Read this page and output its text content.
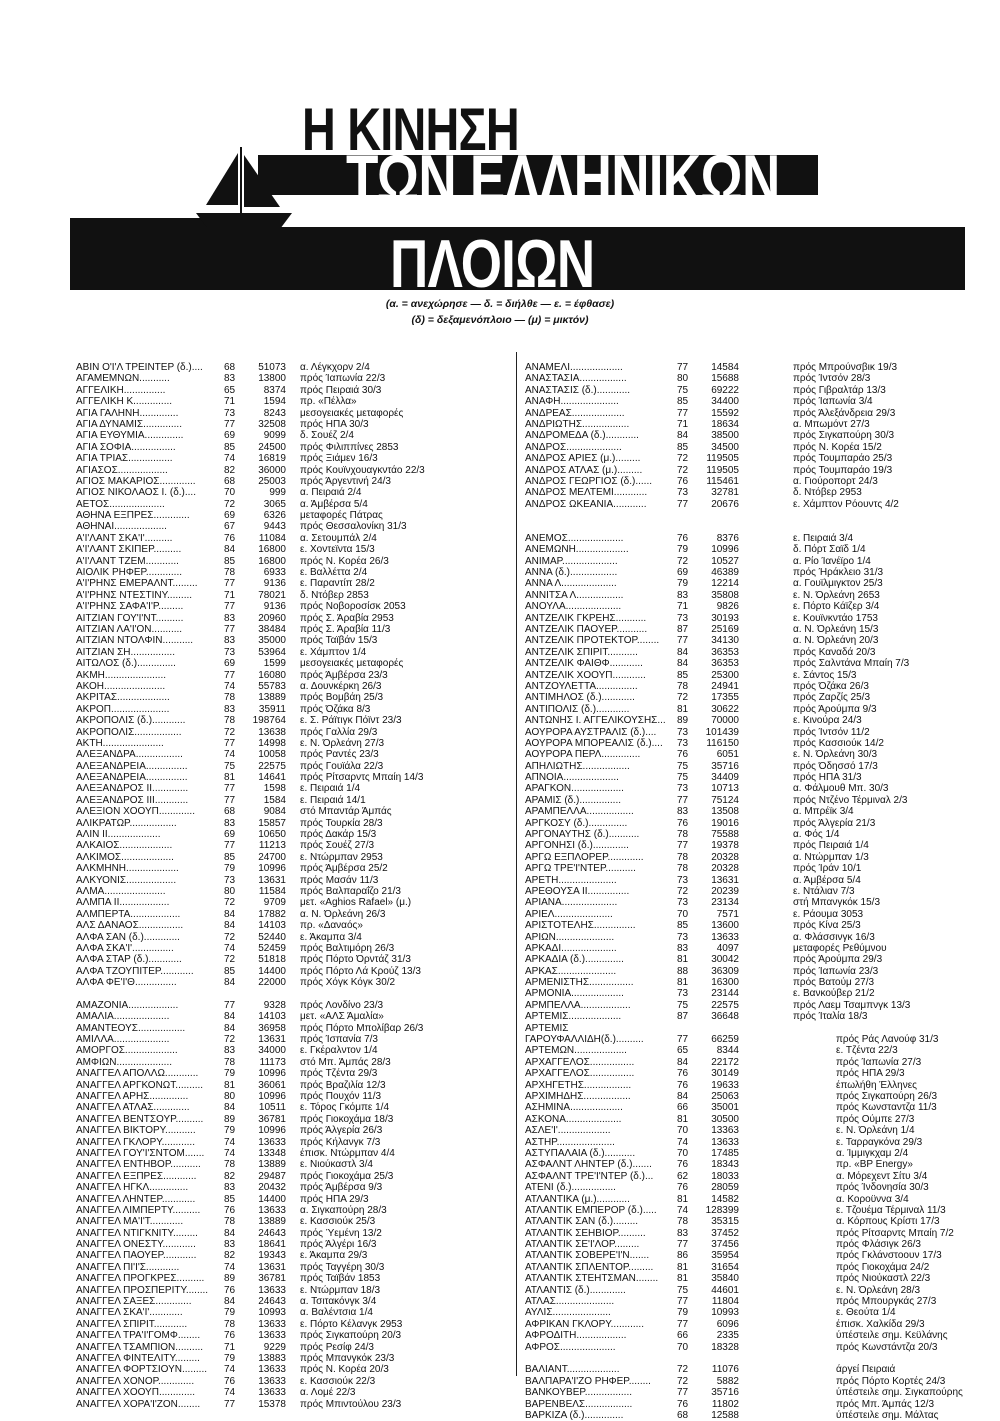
Η ΚΙΝΗΣΗ
ΤΩΝ ΕΛΛΗΝΙΚΩΝ
ΠΛΟΙΩΝ
(α. = ανεχώρησε — δ. = διήλθε — ε. = έφθασε)
(δ) = δεξαμενόπλοιο — (μ) = μικτόν)
ΑΒΙΝ Ο'Ι'Λ ΤΡΕΙΝΤΕΡ (δ.)....	68	51073	α. Λέγκχορν 2/4
ΑΓΑΜΕΜΝΩΝ...........	83	13800	πρός Ίαπωνία 22/3
ΑΓΓΕΛΙΚΗ...............	65	8374	πρός Πειραιά 30/3
ΑΓΓΕΛΙΚΗ Κ..............	71	1594	πρ. «Πέλλα»
ΑΓΙΑ ΓΑΛΗΝΗ..............	73	8243	μεσογειακές μεταφορές
ΑΓΙΑ ΔΥΝΑΜΙΣ..............	77	32508	πρός ΗΠΑ 30/3
ΑΓΙΑ ΕΥΘΥΜΙΑ..............	69	9099	δ. Σουέζ 2/4
ΑΓΙΑ ΣΟΦΙΑ................	85	24500	πρός Φιλιππίνες 2853
ΑΓΙΑ ΤΡΙΑΣ................	74	16819	πρός Ξιάμεν 16/3
ΑΓΙΑΣΟΣ..................	82	36000	πρός Κουϊνχουαγκντάο 22/3
ΑΓΙΟΣ ΜΑΚΑΡΙΟΣ.............	68	25003	πρός Άργεντινή 24/3
ΑΓΙΟΣ ΝΙΚΟΛΑΟΣ Ι. (δ.)....	70	999	α. Πειραιά 2/4
ΑΕΤΟΣ....................	72	3065	α. Άμβέρσα 5/4
ΑΘΗΝΑ ΕΞΠΡΕΣ.............	69	6326	μεταφορές Πάτρας
ΑΘΗΝΑΙ...................	67	9443	πρός Θεσσαλονίκη 31/3
Α'Ι'ΛΑΝΤ ΣΚΑ'Ι'..........	76	11084	α. Σετουμπάλ 2/4
Α'Ι'ΛΑΝΤ ΣΚΙΠΕΡ..........	84	16800	ε. Χοντεϊντα 15/3
Α'Ι'ΛΑΝΤ ΤΖΕΜ............	85	16800	πρός Ν. Κορέα 26/3
ΑΙΟΛΙΚ ΡΗΦΕΡ.............	78	6933	ε. Βαλλέττα 2/4
Α'Ι'ΡΗΝΣ ΕΜΕΡΑΛΝΤ.........	77	9136	ε. Παραντίπ 28/2
Α'Ι'ΡΗΝΣ ΝΤΕΣΤΙΝΥ.........	71	78021	δ. Ντόβερ 2853
Α'Ι'ΡΗΝΣ ΣΑΦΑ'Ι'Ρ.........	77	9136	πρός Νοβοροσίσκ 2053
ΑΙΤΖΙΑΝ ΓΟΥ'Ι'ΝΤ..........	83	20960	πρός Σ. Άραβία 2953
ΑΙΤΖΙΑΝ ΛΑ'Ι'ΟΝ...........	77	38484	πρός Σ. Άραβία 11/3
ΑΙΤΖΙΑΝ ΝΤΟΛΦΙΝ...........	83	35000	πρός Ταϊβάν 15/3
ΑΙΤΖΙΑΝ ΣΗ................	73	53964	ε. Χάμπτον 1/4
ΑΙΤΩΛΟΣ (δ.)..............	69	1599	μεσογειακές μεταφορές
ΑΚΜΗ......................	77	16080	πρός Άμβέρσα 23/3
ΑΚΟΗ......................	74	55783	α. Δουνκέρκη 26/3
ΑΚΡΙΤΑΣ...................	78	13889	πρός Βομβάη 25/3
ΑΚΡΟΠ.....................	83	35911	πρός Όζάκα 8/3
ΑΚΡΟΠΟΛΙΣ (δ.)............	78	198764	ε. Σ. Ράϊτιγκ Πόϊντ 23/3
ΑΚΡΟΠΟΛΙΣ.................	72	13638	πρός Γαλλία 29/3
ΑΚΤΗ......................	77	14998	ε. Ν. Όρλεάνη 27/3
ΑΛΕΞΑΝΔΡΑ.................	74	10058	πρός Ραντές 23/3
ΑΛΕΞΑΝΔΡΕΙΑ...............	75	22575	πρός Γουϊάλα 22/3
ΑΛΕΞΑΝΔΡΕΙΑ...............	81	14641	πρός Ρίτσαρντς Μπαίη 14/3
ΑΛΕΞΑΝΔΡΟΣ ΙΙ.............	77	1598	ε. Πειραιά 1/4
ΑΛΕΞΑΝΔΡΟΣ ΙΙΙ............	77	1584	ε. Πειραιά 14/1
ΑΛΕΞΙΟΝ ΧΟΟΥΠ.............	68	9084	στό Μπαντάρ Άμπάς
ΑΛΙΚΡΑΤΩΡ.................	83	15857	πρός Τουρκία 28/3
ΑΛΙΝ ΙΙ...................	69	10650	πρός Δακάρ 15/3
ΑΛΚΑΙΟΣ...................	77	11213	πρός Σουέζ 27/3
ΑΛΚΙΜΟΣ...................	85	24700	ε. Ντώρμπαν 2953
ΑΛΚΜΗΝΗ...................	79	10996	πρός Άμβέρσα 25/2
ΑΛΚΥΟΝΙΣ..................	73	13631	πρός Μασάν 11/3
ΑΛΜΑ......................	80	11584	πρός Βαλπαραΐζο 21/3
ΑΛΜΠΑ ΙΙ..................	72	9709	μετ. «Aghios Rafael» (μ.)
ΑΛΜΠΕΡΤΑ..................	84	17882	α. Ν. Όρλεάνη 26/3
ΑΛΣ ΔΑΝΑΟΣ................	84	14103	πρ. «Δαναός»
ΑΛΦΑ ΣΑΝ (δ.).............	72	52440	ε. Άκαμπα 3/4
ΑΛΦΑ ΣΚΑ'Ι'...............	74	52459	πρός Βαλτιμόρη 26/3
ΑΛΦΑ ΣΤΑΡ (δ.)............	72	51818	πρός Πόρτο Όρντάζ 31/3
ΑΛΦΑ ΤΖΟΥΠΙΤΕΡ............	85	14400	πρός Πόρτο Λά Κρούζ 13/3
ΑΛΦΑ ΦΕ'Ι'Θ...............	84	22000	πρός Χόγκ Κόγκ 30/2
ΑΜΑΖΟΝΙΑ..................	77	9328	πρός Λονδίνο 23/3
ΑΜΑΛΙΑ....................	84	14103	μετ. «ΑΛΣ Άμαλία»
ΑΜΑΝΤΕΟΥΣ.................	84	36958	πρός Πόρτο Μπολίβαρ 26/3
ΑΜΙΛΛΑ....................	72	13631	πρός Ίσπανία 7/3
ΑΜΟΡΓΟΣ...................	83	34000	ε. Γκέραλντον 1/4
ΑΜΦΙΩΝ....................	78	11173	στό Μπ. Άμπάς 28/3
ΑΝΑΓΓΕΛ ΑΠΟΛΛΩ............	79	10996	πρός Τζέντα 29/3
ΑΝΑΓΓΕΛ ΑΡΓΚΟΝΩΤ..........	81	36061	πρός Βραζιλία 12/3
ΑΝΑΓΓΕΛ ΑΡΗΣ..............	80	10996	πρός Πουχόν 11/3
ΑΝΑΓΓΕΛ ΑΤΛΑΣ.............	84	10511	ε. Τόρος Γκόμπε 1/4
ΑΝΑΓΓΕΛ ΒΕΝΤΣΟΥΡ..........	89	36781	πρός Γιοκοχάμα 18/3
ΑΝΑΓΓΕΛ ΒΙΚΤΟΡΥ...........	79	10996	πρός Άλγερία 26/3
ΑΝΑΓΓΕΛ ΓΚΛΟΡΥ............	74	13633	πρός Κήλανγκ 7/3
ΑΝΑΓΓΕΛ ΓΟΥ'Ι'ΣΝΤΟΜ.......	74	13348	έπισκ. Ντώρμπαν 4/4
ΑΝΑΓΓΕΛ ΕΝΤΗΒΟΡ...........	78	13889	ε. Νιούκαστλ 3/4
ΑΝΑΓΓΕΛ ΕΞΠΡΕΣ............	82	29487	πρός Γιοκοχάμα 25/3
ΑΝΑΓΓΕΛ ΗΓΚΛ..............	83	20432	πρός Άμβέρσα 9/3
ΑΝΑΓΓΕΛ ΛΗΝΤΕΡ............	85	14400	πρός ΗΠΑ 29/3
ΑΝΑΓΓΕΛ ΛΙΜΠΕΡΤΥ..........	76	13633	α. Σιγκαπούρη 28/3
ΑΝΑΓΓΕΛ ΜΑ'Ι'Τ............	78	13889	ε. Κασσιούκ 25/3
ΑΝΑΓΓΕΛ ΝΤΙΓΚΝΙΤΥ.........	84	24643	πρός Ύεμένη 13/2
ΑΝΑΓΓΕΛ ΟΝΕΣΤΥ............	83	18641	πρός Άλγέρι 16/3
ΑΝΑΓΓΕΛ ΠΑΟΥΕΡ............	82	19343	ε. Άκαμπα 29/3
ΑΝΑΓΓΕΛ ΠΙ'Ι'Σ............	74	13631	πρός Ταγγέρη 30/3
ΑΝΑΓΓΕΛ ΠΡΟΓΚΡΕΣ..........	89	36781	πρός Ταϊβάν 1853
ΑΝΑΓΓΕΛ ΠΡΟΣΠΕΡΙΤΥ........	76	13633	ε. Ντώρμπαν 18/3
ΑΝΑΓΓΕΛ ΣΑΞΕΣ.............	84	24643	α. Τσιτακόνγκ 3/4
ΑΝΑΓΓΕΛ ΣΚΑ'Ι'............	79	10993	α. Βαλέντσια 1/4
ΑΝΑΓΓΕΛ ΣΠΙΡΙΤ............	78	13633	ε. Πόρτο Κέλανγκ 2953
ΑΝΑΓΓΕΛ ΤΡΑ'Ι'ΓΟΜΦ........	76	13633	πρός Σιγκαπούρη 20/3
ΑΝΑΓΓΕΛ ΤΣΑΜΠΙΟΝ..........	71	9229	πρός Ρεσίφ 24/3
ΑΝΑΓΓΕΛ ΦΙΝΤΕΛΙΤΥ.........	79	13883	πρός Μπανγκόκ 23/3
ΑΝΑΓΓΕΛ ΦΟΡΤΣΙΟΥΝ.........	74	13633	πρός Ν. Κορέα 20/3
ΑΝΑΓΓΕΛ ΧΟΝΟΡ.............	76	13633	ε. Κασσιούκ 22/3
ΑΝΑΓΓΕΛ ΧΟΟΥΠ.............	74	13633	α. Λομέ 22/3
ΑΝΑΓΓΕΛ ΧΟΡΑ'Ι'ΖΟΝ........	77	15378	πρός Μπιντούλου 23/3
ΑΝΑΜΕΛΙ...................	77	14584	πρός Μπρούνσβικ 19/3
ΑΝΑΣΤΑΣΙΑ.................	80	15688	πρός Ίντσόν 28/3
ΑΝΑΣΤΑΣΙΣ (δ.)............	75	69222	πρός Γιβραλτάρ 13/3
ΑΝΑΦΗ.....................	85	34400	πρός Ίαπωνία 3/4
ΑΝΔΡΕΑΣ...................	77	15592	πρός Άλεξάνδρεια 29/3
ΑΝΔΡΙΩΤΗΣ.................	71	18634	α. Μπωμόντ 27/3
ΑΝΔΡΟΜΕΔΑ (δ.)............	84	38500	πρός Σιγκαπούρη 30/3
ΑΝΔΡΟΣ....................	85	34500	πρός Ν. Κορέα 15/2
ΑΝΔΡΟΣ ΑΡΙΕΣ (μ.).........	72	119505	πρός Τουμπαράο 25/3
ΑΝΔΡΟΣ ΑΤΛΑΣ (μ.).........	72	119505	πρός Τουμπαράο 19/3
ΑΝΔΡΟΣ ΓΕΩΡΓΙΟΣ (δ.)......	76	115461	α. Γιούροπορτ 24/3
ΑΝΔΡΟΣ ΜΕΛΤΕΜΙ............	73	32781	δ. Ντόβερ 2953
ΑΝΔΡΟΣ ΩΚΕΑΝΙΑ............	77	20676	ε. Χάμπτον Ρόουντς 4/2
ΑΝΕΜΟΣ....................	76	8376	ε. Πειραιά 3/4
ΑΝΕΜΩΝΗ...................	79	10996	δ. Πόρτ Σαϊδ 1/4
ΑΝΙΜΑΡ....................	72	10527	α. Ρίο Ίανέϊρο 1/4
ΑΝΝΑ (δ.).................	69	46389	πρός Ήράκλειο 31/3
ΑΝΝΑ Λ....................	79	12214	α. Γουϊλμιγκτον 25/3
ΑΝΝΙΤΣΑ Λ.................	83	35808	ε. Ν. Όρλεάνη 2653
ΑΝΟΥΛΑ....................	71	9826	ε. Πόρτο Κάϊζερ 3/4
ΑΝΤΖΕΛΙΚ ΓΚΡΕΗΣ...........	73	30193	ε. Κουϊνκντάο 1753
ΑΝΤΖΕΛΙΚ ΠΑΟΥΕΡ...........	87	25169	α. Ν. Όρλεάνη 15/3
ΑΝΤΖΕΛΙΚ ΠΡΟΤΕΚΤΟΡ........	77	34130	α. Ν. Όρλεάνη 20/3
ΑΝΤΖΕΛΙΚ ΣΠΙΡΙΤ...........	84	36353	πρός Καναδά 20/3
ΑΝΤΖΕΛΙΚ ΦΑΙΘΦ............	84	36353	πρός Σαλντάνα Μπαίη 7/3
ΑΝΤΖΕΛΙΚ ΧΟΟΥΠ............	85	25300	ε. Σάντος 15/3
ΑΝΤΖΟΥΛΕΤΤΑ...............	78	24941	πρός Όζάκα 26/3
ΑΝΤΙΜΗΛΟΣ (δ.)............	72	17355	πρός Ζαρζίς 25/3
ΑΝΤΙΠΟΛΙΣ (δ.)............	81	30622	πρός Άρούμπα 9/3
ΑΝΤΩΝΗΣ Ι. ΑΓΓΕΛΙΚΟΥΣΗΣ...	89	70000	ε. Κινούρα 24/3
ΑΟΥΡΟΡΑ ΑΥΣΤΡΑΛΙΣ (δ.)....	73	101439	πρός Ίντσόν 11/2
ΑΟΥΡΟΡΑ ΜΠΟΡΕΑΛΙΣ (δ.)....	73	116150	πρός Κασσιούκ 14/2
ΑΟΥΡΟΡΑ ΠΕΡΛ..............	76	6051	ε. Ν. Όρλεάνη 30/3
ΑΠΗΛΙΩΤΗΣ.................	75	35716	πρός Όδησσό 17/3
ΑΠΝΟΙΑ....................	75	34409	πρός ΗΠΑ 31/3
ΑΡΑΓΚΟΝ...................	73	10713	α. Φάλμουθ Μπ. 30/3
ΑΡΑΜΙΣ (δ.)...............	77	75124	πρός Ντζένο Τέρμιναλ 2/3
ΑΡΑΜΠΕΛΛΑ.................	83	13508	α. Μπρέϊκ 3/4
ΑΡΓΚΟΣΥ (δ.)..............	76	19016	πρός Άλγερία 21/3
ΑΡΓΟΝΑΥΤΗΣ (δ.)...........	78	75588	α. Φός 1/4
ΑΡΓΟΝΗΣΙ (δ.).............	77	19378	πρός Πειραιά 1/4
ΑΡΓΩ ΕΞΠΛΟΡΕΡ.............	78	20328	α. Ντώρμπαν 1/3
ΑΡΓΩ ΤΡΕ'Ι'ΝΤΕΡ...........	78	20328	πρός Ίράν 10/1
ΑΡΕΤΗ.....................	73	13631	α. Άμβέρσα 5/4
ΑΡΕΘΟΥΣΑ ΙΙ...............	72	20239	ε. Ντάλιαν 7/3
ΑΡΙΑΝΑ....................	73	23134	στή Μπανγκόκ 15/3
ΑΡΙΕΛ.....................	70	7571	ε. Ράουμα 3053
ΑΡΙΣΤΟΤΕΛΗΣ...............	85	13600	πρός Κίνα 25/3
ΑΡΙΩΝ.....................	73	13633	α. Φλάσσινγκ 16/3
ΑΡΚΑΔΙ....................	83	4097	μεταφορές Ρεθύμνου
ΑΡΚΑΔΙΑ (δ.)..............	81	30042	πρός Άρούμπα 29/3
ΑΡΚΑΣ.....................	88	36309	πρός Ίαπωνία 23/3
ΑΡΜΕΝΙΣΤΗΣ................	81	16300	πρός Βατούμ 27/3
ΑΡΜΟΝΙΑ...................	73	23144	ε. Βανκούβερ 21/2
ΑΡΜΠΕΛΛΑ..................	75	22575	πρός Λαεμ Τσαμπνγκ 13/3
ΑΡΤΕΜΙΣ...................	87	36648	πρός Ίταλία 18/3
ΑΡΤΕΜΙΣ
ΓΑΡΟΥΦΑΛΛΙΔΗ(δ.)..........	77	66259	πρός Ράς Λανούφ 31/3
ΑΡΤΕΜΩΝ...................	65	8344	ε. Τζέντα 22/3
ΑΡΧΑΓΓΕΛΟΣ................	84	22172	πρός Ίαπωνία 27/3
ΑΡΧΑΓΓΕΛΟΣ................	76	30149	πρός ΗΠΑ 29/3
ΑΡΧΗΓΕΤΗΣ.................	76	19633	έπωλήθη Έλληνες
ΑΡΧΙΜΗΔΗΣ.................	84	25063	πρός Σιγκαπούρη 26/3
ΑΣΗΜΙΝΑ...................	66	35001	πρός Κωνσταντζα 11/3
ΑΣΚΟΝΑ....................	81	30500	πρός Ούμπε 27/3
ΑΣΛΕ'Ι'...................	70	13363	ε. Ν. Όρλεάνη 1/4
ΑΣΤΗΡ.....................	74	13633	ε. Ταρραγκόνα 29/3
ΑΣΤΥΠΑΛΑΙΑ (δ.)...........	70	17485	α. Ίμμιγκχαμ 2/4
ΑΣΦΑΛΝΤ ΛΗΝΤΕΡ (δ.).......	76	18343	πρ. «BP Energy»
ΑΣΦΑΛΝΤ ΤΡΕ'Ι'ΝΤΕΡ (δ.)...	62	18033	α. Μόρεχεντ Σίτυ 3/4
ΑΤΕΝΙ (δ.)................	76	28059	πρός Ίνδονησία 30/3
ΑΤΛΑΝΤΙΚΑ (μ.)............	81	14582	α. Κοροϋννα 3/4
ΑΤΛΑΝΤΙΚ ΕΜΠΕΡΟΡ (δ.).....	74	128399	ε. Τζουέμα Τέρμιναλ 11/3
ΑΤΛΑΝΤΙΚ ΣΑΝ (δ.).........	78	35315	α. Κόρπους Κρίστι 17/3
ΑΤΛΑΝΤΙΚ ΣΕΗΒΙΟΡ..........	83	37452	πρός Ρίτσαρντς Μπαίη 7/2
ΑΤΛΑΝΤΙΚ ΣΕ'Ι'ΛΟΡ.........	77	37456	πρός Φλάσιγκ 26/3
ΑΤΛΑΝΤΙΚ ΣΟΒΕΡΕ'Ι'Ν.......	86	35954	πρός Γκλάνστοουν 17/3
ΑΤΛΑΝΤΙΚ ΣΠΛΕΝΤΟΡ.........	81	31654	πρός Γιοκοχάμα 24/2
ΑΤΛΑΝΤΙΚ ΣΤΕΗΤΣΜΑΝ........	81	35840	πρός Νιούκαστλ 22/3
ΑΤΛΑΝΤΙΣ (δ.).............	75	44601	ε. Ν. Όρλεάνη 28/3
ΑΤΛΑΣ.....................	77	11804	πρός Μπουργκάς 27/3
ΑΥΛΙΣ.....................	79	10993	ε. Θεούτα 1/4
ΑΦΡΙΚΑΝ ΓΚΛΟΡΥ............	77	6096	έπισκ. Χαλκίδα 29/3
ΑΦΡΟΔΙΤΗ..................	66	2335	ύπέστειλε σημ. Κεϋλάνης
ΑΦΡΟΣ....................	70	18328	πρός Κωνστάντζα 20/3
ΒΑΛΙΑΝΤ...................	72	11076	άργεί Πειραιά
ΒΑΛΠΑΡΑ'Ι'ΖΟ ΡΗΦΕΡ........	72	5882	πρός Πόρτο Κορτές 24/3
ΒΑΝΚΟΥΒΕΡ.................	77	35716	ύπέστειλε σημ. Σιγκαπούρης
ΒΑΡΕΝΒΕΛΣ.................	76	11802	πρός Μπ. Άμπάς 12/3
ΒΑΡΚΙΖΑ (δ.)..............	68	12588	ύπέστειλε σημ. Μάλτας
